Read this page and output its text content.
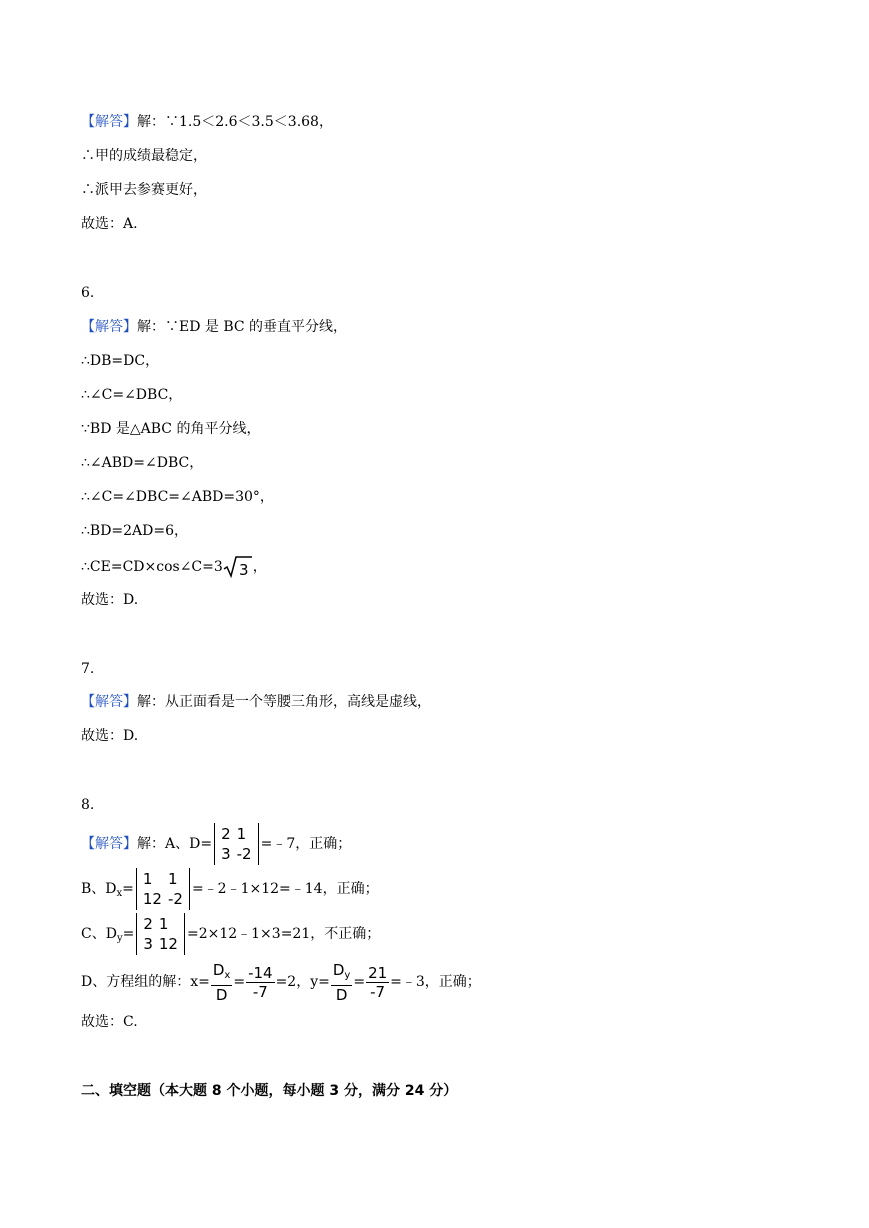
【解答】解：∵1.5＜2.6＜3.5＜3.68，
∴甲的成绩最稳定，
∴派甲去参赛更好，
故选：A.
6.
【解答】解：∵ED 是 BC 的垂直平分线，
∴DB=DC，
∴∠C=∠DBC，
∵BD 是△ABC 的角平分线，
∴∠ABD=∠DBC，
∴∠C=∠DBC=∠ABD=30°，
∴BD=2AD=6，
∴CE=CD×cos∠C=3 3 ，
故选：D.
7.
【解答】解：从正面看是一个等腰三角形，高线是虚线，
故选：D.
8.
【解答】解：A、D=
2	1
3	-2
=﹣7，正确；
B、$D_x=$
1	1
12	-2
=﹣2﹣1×12=﹣14，正确；
C、$D_y=$
2	1
3	12
=2×12﹣1×3=21，不正确；
D、方程组的解：$x= \frac{D_x}{D} = \frac{-14}{-7} =2$，$y= \frac{D_y}{D} = \frac{21}{-7}$ =﹣3，正确；
故选：C.
二、填空题（本大题 8 个小题，每小题 3 分，满分 24 分）
